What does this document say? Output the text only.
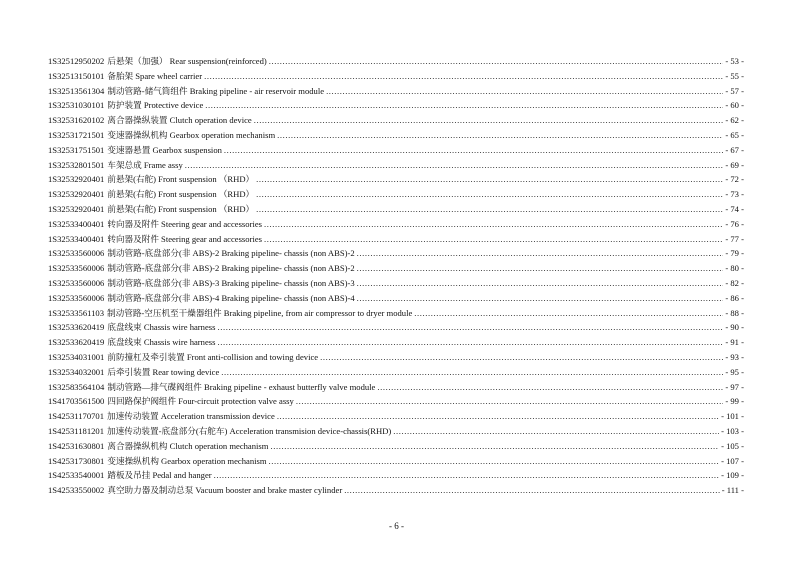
1S32512950202 后悬架（加强） Rear suspension(reinforced) .....	- 53 -
1S32513150101 备胎架 Spare wheel carrier .....	- 55 -
1S32513561304 制动管路-储气筒组件 Braking pipeline - air reservoir module .....	- 57 -
1S32531030101 防护装置 Protective device .....	- 60 -
1S32531620102 离合器操纵装置 Clutch operation device .....	- 62 -
1S32531721501 变速器操纵机构 Gearbox operation mechanism .....	- 65 -
1S32531751501 变速器悬置 Gearbox suspension .....	- 67 -
1S32532801501 车架总成 Frame assy .....	- 69 -
1S32532920401 前悬架(右舵) Front suspension （RHD） .....	- 72 -
1S32532920401 前悬架(右舵) Front suspension （RHD） .....	- 73 -
1S32532920401 前悬架(右舵) Front suspension （RHD） .....	- 74 -
1S32533400401 转向器及附件 Steering gear and accessories .....	- 76 -
1S32533400401 转向器及附件 Steering gear and accessories .....	- 77 -
1S32533560006 制动管路-底盘部分(非 ABS)-2 Braking pipeline- chassis (non ABS)-2 .....	- 79 -
1S32533560006 制动管路-底盘部分(非 ABS)-2 Braking pipeline- chassis (non ABS)-2 .....	- 80 -
1S32533560006 制动管路-底盘部分(非 ABS)-3 Braking pipeline- chassis (non ABS)-3 .....	- 82 -
1S32533560006 制动管路-底盘部分(非 ABS)-4 Braking pipeline- chassis (non ABS)-4 .....	- 86 -
1S32533561103 制动管路-空压机至干燥器组件 Braking pipeline, from air compressor to dryer module .....	- 88 -
1S32533620419 底盘线束 Chassis wire harness .....	- 90 -
1S32533620419 底盘线束 Chassis wire harness .....	- 91 -
1S32534031001 前防撞杠及牵引装置 Front anti-collision and towing device .....	- 93 -
1S32534032001 后牵引装置 Rear towing device .....	- 95 -
1S32583564104 制动管路—排气碟阀组件 Braking pipeline - exhaust butterfly valve module .....	- 97 -
1S41703561500 四回路保护阀组件 Four-circuit protection valve assy .....	- 99 -
1S42531170701 加速传动装置 Acceleration transmission device .....	- 101 -
1S42531181201 加速传动装置-底盘部分(右舵车) Acceleration transmision device-chassis(RHD) .....	- 103 -
1S42531630801 离合器操纵机构 Clutch operation mechanism .....	- 105 -
1S42531730801 变速操纵机构 Gearbox operation mechanism .....	- 107 -
1S42533540001 踏板及吊挂 Pedal and hanger .....	- 109 -
1S42533550002 真空助力器及制动总泵 Vacuum booster and brake master cylinder .....	- 111 -
- 6 -
